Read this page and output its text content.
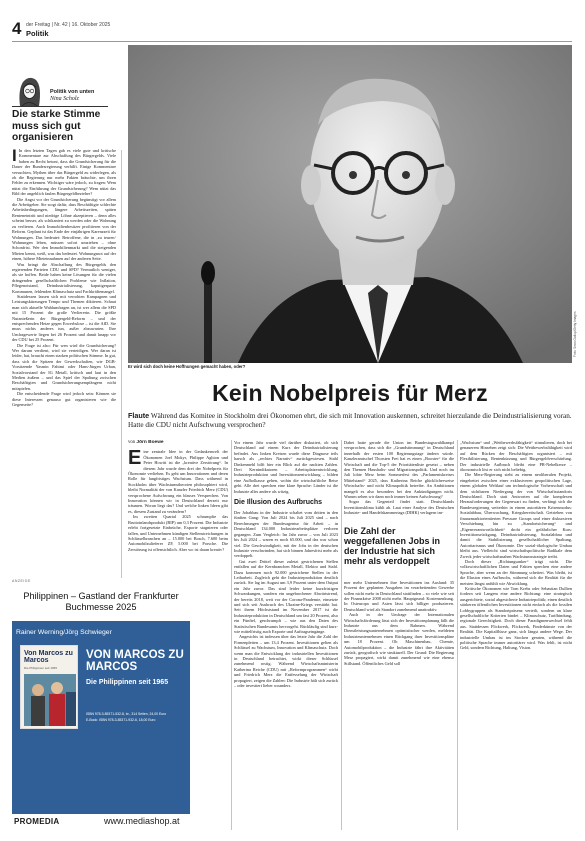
4 der Freitag | Nr. 42 | 16. Oktober 2025
Politik
Politik von unten
Nina Scholz
Die starke Stimme muss sich gut organisieren
I In den letzten Tagen gab es viele gute und kritische Kommentare zur Abschaffung des Bürgergelds. Viele haben zu Recht betont, dass die Grundsicherung für die Dauer der Bundesregierung verhilft. Einige Kommentare versuchten, Mythen über das Bürgergeld zu widerlegen, als ob die Regierung nur mehr Fakten bräuchte, um ihren Fehler zu erkennen. Wichtiger wäre jedoch, zu fragen: Wem nützt die Einführung der Grundsicherung? Wem nützt das Bild der angeblich faulen Bürgergeldbezieher?
Die Angst vor der Grundsicherung begünstigt vor allem die Arbeitgeber. Sie sorgt dafür, dass Beschäftigte schlechte Arbeitsbedingungen, längere Arbeitszeiten, späten Renteneintritt und niedrige Löhne akzeptieren – denn alles scheint besser, als schikaniert zu werden oder die Wohnung zu verlieren. Auch Immobilienbesitzer profitieren von der Reform. Geplant ist das Ende der einjährigen Karenzzeit für Wohnungen. Das bedeutet: Betroffene, die in ‚zu teuren‘ Wohnungen leben, müssen sofort umziehen – ohne Schonfrist. Wer den Immobilienmarkt und die steigenden Mieten kennt, weiß, was das bedeutet. Wohnungsnot auf der einen, höhere Mieteinnahmen auf der anderen Seite.
Was bringt die Abschaffung des Bürgergelds den regierenden Parteien CDU und SPD? Vermutlich weniger, als sie hoffen. Beide haben keine Lösungen für die vielen drängenden gesellschaftlichen Probleme wie Inflation, Pflegenotstand, Deindustrialisierung, kaputtgesparte Kommunen, fehlenden Klimaschutz und Fachkräftemangel.
Stattdessen lassen sich mit verrohten Kampagnen und Leistungskürzungen Tempo und Themen diktieren. Schaut man sich aktuelle Wahlumfragen an, ist wer allem die SPD mit 15 Prozent die große Verliererin. Die größte Nutznießerin der Bürgergeld-Reform – und der entsprechenden Hetze gegen Erwerbslose – ist die AfD. Sie muss nichts anderes tun, außer abzuwarten. Ihre Umfragewerte liegen bei 26 Prozent und damit knapp vor der CDU bei 25 Prozent.
Die Frage ist also: Für wen wird die Grundsicherung? Wer darum verdient, wird sie verteidigen. Wer daran ist leider, hat, braucht einen starken politischen Stimme. In gut, dass sich die Spitzen der Gewerkschaften, wie DGB-Vorsitzende Yasmin Fahimi oder Hans-Jürgen Urban, Sozialvorstand der IG Metall, kritisch und laut in den Medien äußern – und das Spiel der Spaltung zwischen Beschäftigten und Grundsicherungsempfängern nicht mitspielen.
Die entscheidende Frage wird jedoch sein: Können sie diese Interessen genauso gut organisieren wie die Gegenseite?
ANZEIGE
Philippinen – Gastland der Frankfurter Buchmesse 2025
Rainer Werning/Jörg Schwieger
Von Marcos zu Marcos
Die Philippinen seit 1965
VON MARCOS ZU MARCOS
Die Philippinen seit 1965
ISBN 978-3-85371-532-8, br., 314 Seiten, 24,00 Euro
E-Book: ISBN 978-3-85371-932-6, 18,00 Euro
PROMEDIA	www.mediashop.at
Er wird sich doch keine Hoffnungen gemacht haben, oder?
Foto: Sean Gallup/Getty Images
Kein Nobelpreis für Merz
Flaute Während das Komitee in Stockholm drei Ökonomen ehrt, die sich mit Innovation auskennen, schreitet hierzulande die Deindustrialisierung voran. Hatte die CDU nicht Aufschwung versprochen?
von Jörn Boewe
Eine zentrale Idee in der Gedankenwelt der Ökonomen Joel Mokyr, Philippe Aghion und Peter Howitt ist die „kreative Zerstörung“. In diesem Jahr wurde dem drei der Nobelpreis für Ökonomie verliehen. Es geht um Innovationen und deren Rolle für langfristiges Wachstum. Dass während in Stockholm über Wachstumstheorien philosophiert wird, bleibt Normalität der von Kanzler Friedrich Merz (CDU) versprochene Aufschwung ein blasses Versprechen. Von Innovation können wir in Deutschland derzeit nur träumen. Woran liegt das? Und welche linken Ideen gibt es, diesem Zustand zu verändern?
Im zweiten Quartal 2025 schrumpfte das Bruttoinlandsprodukt (BIP) um 0,3 Prozent. Die Industrie erlebt fortgesetzte Einbrüche, Exporte stagnieren oder fallen, und Unternehmen kündigen Stellenstreichungen in Schlüsselbranchen an – 15.000 bei Bosch, 7.600 beim Automobilzulieferer ZF, 5.000 bei Porsche. Die Zerstörung ist offensichtlich. Aber wo ist daran kreativ?
Vor einem Jahr wurde viel darüber diskutiert, ob sich Deutschland auf einem Kurs der Deindustrialisierung befindet. Aus linken Kreisen wurde diese Diagnose teils harsch als „rechtes Narrativ“ zurückgewiesen. Stahl Dinkenmehl hilft hier ein Blick auf die nackten Zahlen. Drei Kernindikatoren – Arbeitsplatzentwicklung, Industrieproduktion und Investitionsentwicklung – bilden eine Aufholkasse gehen, wohin die wirtschaftliche Reise geht. Alle drei sprechen eine klare Sprache: Länder ist die Industrie alles andere als witzig.
Die Illusion des Aufbruchs
Der Jobabbau in der Industrie schaltet vom dritten in den fünften Gang: Von Juli 2024 bis Juli 2025 sind – nach Berechnungen der Bundesagentur für Arbeit – in Deutschland 134.000 Industriearbeitsplätze verloren gegangen. Zum Vergleich: Im Jahr zuvor – von Juli 2023 bis Juli 2024 – waren es noch 65.000, und das war schon viel. Die Geschwindigkeit, mit der Jobs in der deutschen Industrie verschwinden, hat sich binnen Jahresfrist mehr als verdoppelt.
Gut zwei Drittel dieser zuletzt gestrichenen Stellen entfallen auf die Kernbranchen Metall, Elektro und Stahl. Dazu kommen noch 92.000 gestrichene Stellen in der Leiharbeit. Zugleich geht die Industrieproduktion deutlich zurück. Sie lag im August um 3,9 Prozent unter dem Output ein Jahr zuvor. Das sind leider keine kurzfristigen Schwankungen, sondern ein ungebrochener Abwärtstrend, der bereits 2018, weit vor der Corona-Pandemie, einsetzte und sich seit Ausbruch des Ukraine-Kriegs verstärkt hat. Seit ihrem Höchststand im November 2017 ist die Industrieproduktion in Deutschland um fast 20 Prozent, also ein Fünftel, geschrumpft – wie aus den Daten des Statistischen Bundesamts hervorgeht. Rückläufig sind kurz- wie mittelfristig auch Exporte und Auftragseingänge.
Angesichts ist indessen über das letzte Jahr die Zahl der Firmenpleiten – um 13,4 Prozent. Investitionen gelten als Schlüssel zu Wachstum, Innovation und Klimaschutz. Doch wenn man die Entwicklung der industriellen Investitionen in Deutschland betrachtet, wirkt dieser Schlüssel zunehmend rostig. Während Wirtschaftsministerin Katherina Reiche (CDU) mit „Reformprogrammen“ wirbt und Friedrich Merz die Entfesselung der Wirtschaft propagiert, zeigen die Zahlen: Die Industrie hält sich zurück – oder investiert lieber woanders.
Dabei hatte gerade die Union im Bundestagswahlkampf versprochen, dass sich die „Grundstimmung“ in Deutschland innerhalb der ersten 100 Regierungstage ändern würde. Kanzleramtschef Thorsten Frei hat es einen „Booster“ für die Wirtschaft und die Top-5 der Prioritätenliste gesetzt – neben den Themen Haushalts- und Migrationspolitik. Und noch im Juli lobte Merz beim Sommerfest des „Parlamentskreises Mittelstand“ 2025, dass Katherina Reiche glücklicherweise Wirtschafts- und nicht Klimapolitik betreibe. An Ambitionen mangelt es also besonders bei den Ankündigungen nicht. Warum sehen wir dann noch immer keinen Aufschwung?
Sogar das Gegenteil findet statt. Deutschlands Investitionsklima kühlt ab. Laut einer Analyse des Deutschen Industrie- und Handelskammertags (DIHK) verlagern im-
Die Zahl der weggefallenen Jobs in der Industrie hat sich mehr als verdoppelt
mer mehr Unternehmen ihre Investitionen ins Ausland: 35 Prozent der geplanten Ausgaben im verarbeitenden Gewerbe sollen nicht mehr in Deutschland stattfinden – so viele wie seit der Finanzkrise 2008 nicht mehr. Hauptgrund: Kostensenkung. In Osteuropa und Asien lässt sich billiger produzieren. Deutschland wird als Standort zunehmend unattraktiv.
Auch in der Umfrage der Internationalen Wirtschaftsförderung lässt sich der Investitionsplanung fällt die Industrie aus dem Rahmen. Während Dienstleistungsunternehmen optimistischer werden, meldeten Industrieunternehmen einen Rückgang ihrer Investitionspläne um 18 Prozent. Ob Maschinenbau, Chemie, Automobilproduktion – die Industrie fährt ihre Aktivitäten zurück, geografisch wie strukturell. Der Grund: Die Regierung Merz propagiert, wirkt damit zunehmend wie eine ebenso Stillstand. Öffentliches Geld soll
„Wachstum“ und „Wettbewerbsfähigkeit“ stimulieren, doch bei genauerem Hinsehen zeigt sich: Die Wettbewerbsfähigkeit wird auf dem Rücken der Beschäftigten organisiert – mit Flexibilisierung, Rentenkürzung und Bürgergeldverschärfung. Der industrielle Aufbruch bleibt eine PR-Nebelkerze – ökonomisch löst er sich nicht beliebig.
Die Merz-Regierung steht zu einem neoliberalen Projekt, eingebettet zwischen einer exklusiveren geopolitischen Lage, einem globalen Weltlauf um technologische Vorherrschaft und dem sichtbaren Niedergang der von Wirtschaftsstandorts Deutschland. Doch statt Antworten auf die komplexen Herausforderungen der Gegenwart zu finden, verfängt sich die Bundesregierung weiterhin in einem autoritären Krisenmodus: Sozialabbau, Überwachung, Kriegsbereitschaft. Getrieben von finanzmarktorientierten Pressure Groups und einer diskursiven Verschiebung hin zu „Standortsicherung“ und „Eigenverantwortlichkeit“ droht ein gefährlicher Kurs: Investitionsrückgang, Deindustrialisierung, Sozialabbau und damit die Stabilisierung gesellschaftlicher Spaltung, Autoritarismus und Ökonomie. Der sozial-ökologische Umbau bleibt aus. Vielleicht sind wirtschaftspolitische Radikale dem Zweck jeder wirtschaftsnahen Wachstumsstrategie treibt.
Doch dieser „Richtungsanker“ trägt nicht. Die volkswirtschaftlichen Daten und Fakten sprechen eine andere Sprache, aber wenn an der Stimmung scheitert. Was bleibt, ist die Illusion eines Aufbruchs, während sich die Realität für die meisten längst anfühlt wie Abwicklung.
Kritische Ökonomen wie Tom Krebs oder Sebastian Dullien fordern seit Langem eine andere Richtung: eine strategisch ausgerichtete, sozial abgesicherte Industriepolitik; einen deutlich stärkeren öffentlichen Investitionen nicht einfach als die fossilen Lobbygruppen als Standortpräsenz verteilt, sondern an klare gesellschaftliche Kriterien bindet – Klimaschutz, Tarifbindung, regionale Gerechtigkeit. Doch dieser Paradigmenwechsel fehlt aus. Stattdessen Flickwerk, Flickwerk, Finderkünste von der Realität. Die Kapitalflüsse ganz, sich längst andere Wege. Der industrielle Umbau ist ins Stocken geraten, während die politische Sprache immer autoritärer wird. Was fehlt, ist nicht Geld, sondern Richtung, Haltung, Vision.
